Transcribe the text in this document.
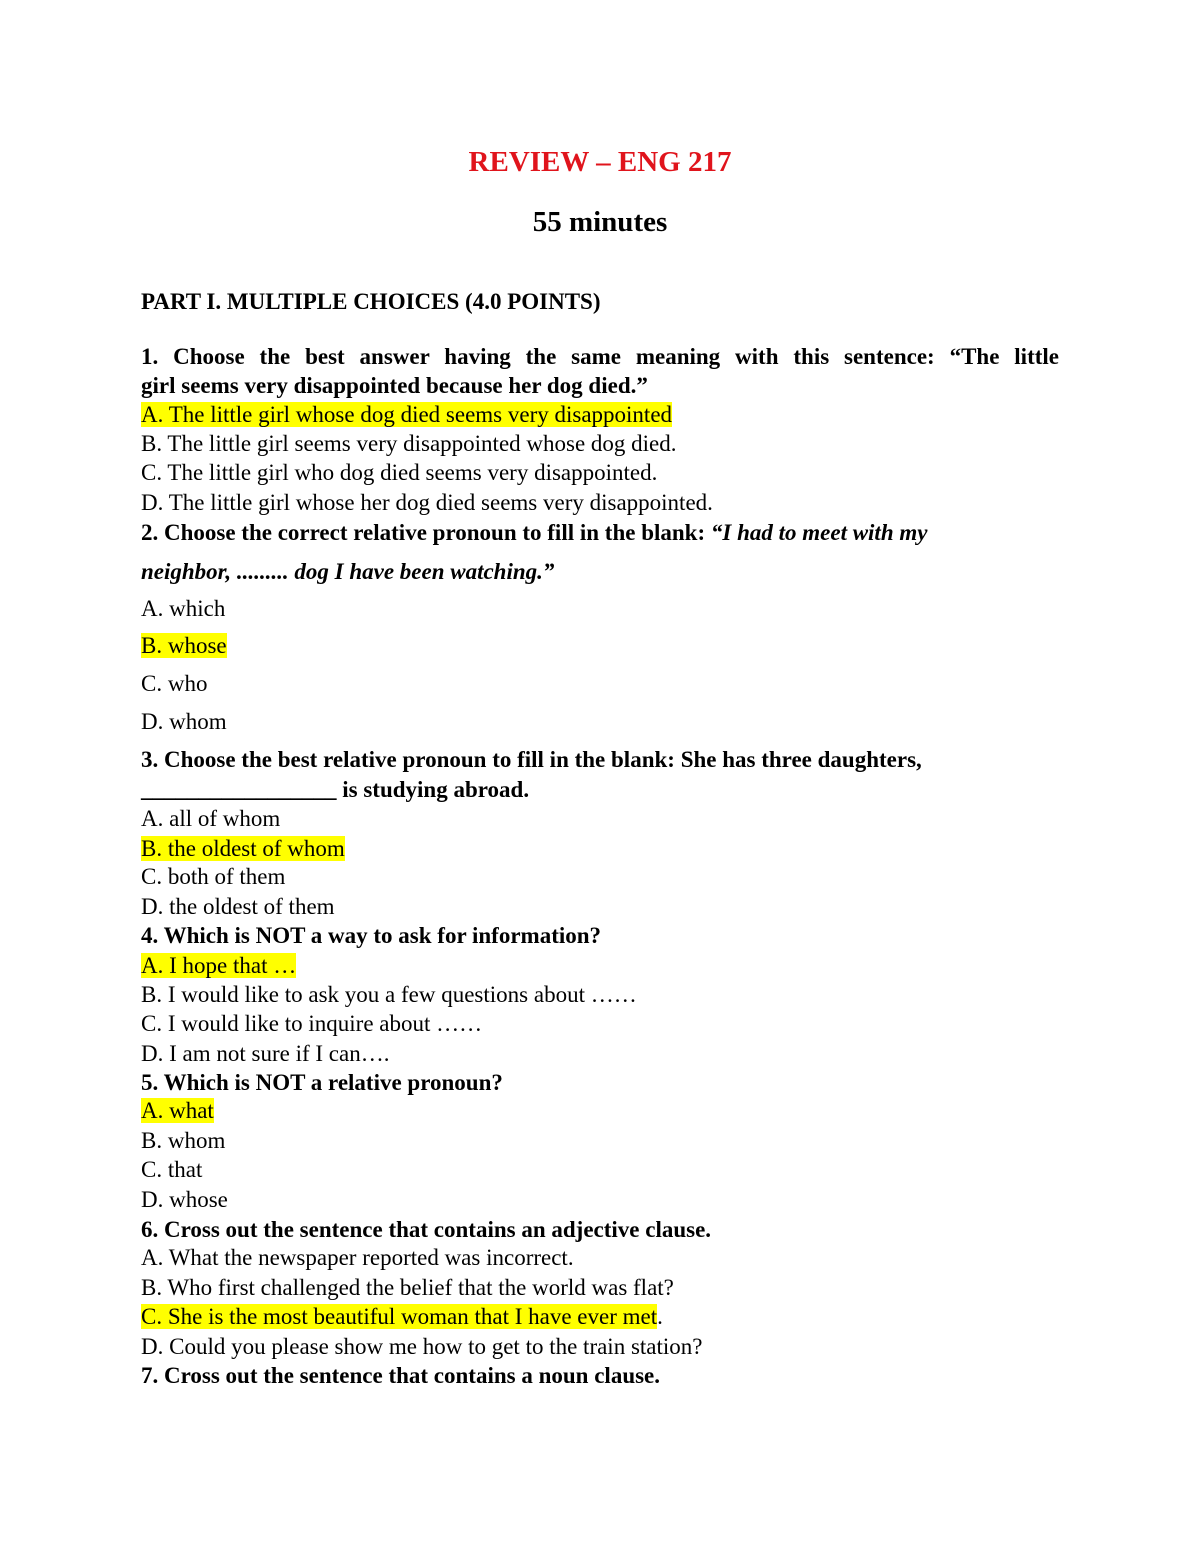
REVIEW – ENG 217
55 minutes
PART I. MULTIPLE CHOICES (4.0 POINTS)
1. Choose the best answer having the same meaning with this sentence: “The little
girl seems very disappointed because her dog died.”
A. The little girl whose dog died seems very disappointed
B. The little girl seems very disappointed whose dog died.
C. The little girl who dog died seems very disappointed.
D. The little girl whose her dog died seems very disappointed.
2. Choose the correct relative pronoun to fill in the blank: “I had to meet with my
neighbor, ......... dog I have been watching.”
A. which
B. whose
C. who
D. whom
3. Choose the best relative pronoun to fill in the blank: She has three daughters,
_________________ is studying abroad.
A. all of whom
B. the oldest of whom
C. both of them
D. the oldest of them
4. Which is NOT a way to ask for information?
A. I hope that …
B. I would like to ask you a few questions about ……
C. I would like to inquire about ……
D. I am not sure if I can….
5. Which is NOT a relative pronoun?
A. what
B. whom
C. that
D. whose
6. Cross out the sentence that contains an adjective clause.
A. What the newspaper reported was incorrect.
B. Who first challenged the belief that the world was flat?
C. She is the most beautiful woman that I have ever met.
D. Could you please show me how to get to the train station?
7. Cross out the sentence that contains a noun clause.
